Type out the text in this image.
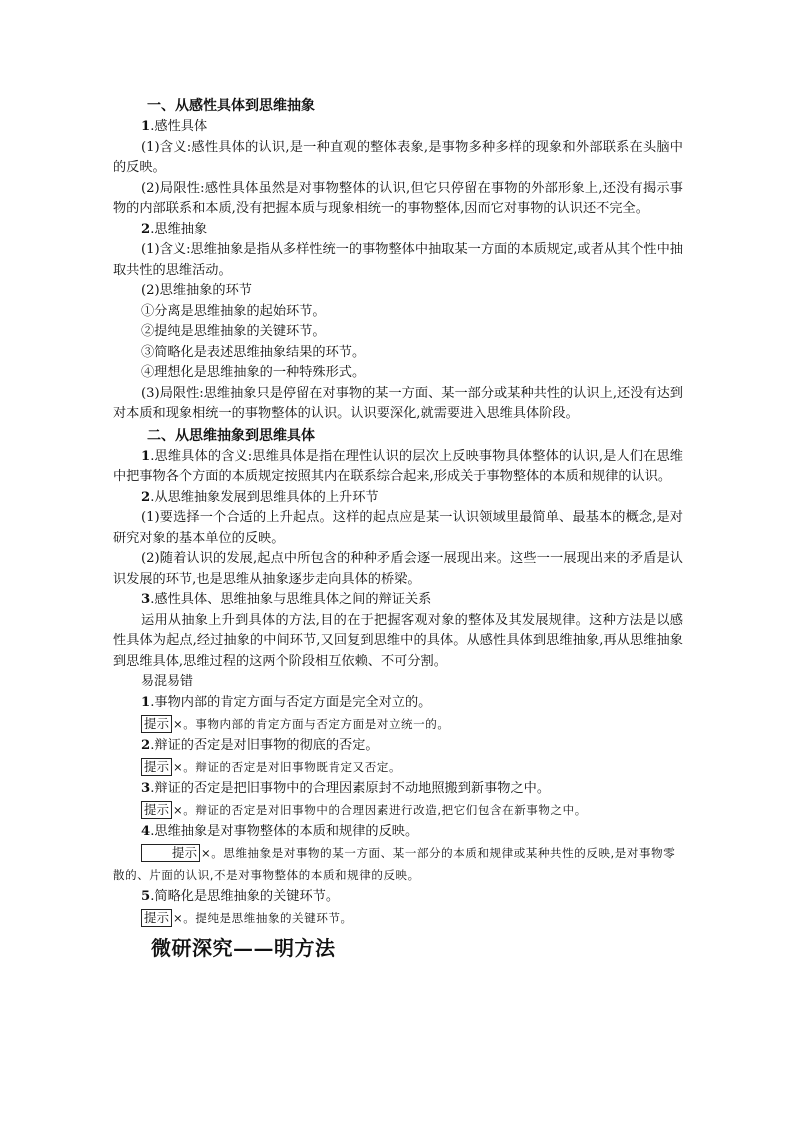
一、从感性具体到思维抽象

1.感性具体

(1)含义:感性具体的认识,是一种直观的整体表象,是事物多种多样的现象和外部联系在头脑中的反映。

(2)局限性:感性具体虽然是对事物整体的认识,但它只停留在事物的外部形象上,还没有揭示事物的内部联系和本质,没有把握本质与现象相统一的事物整体,因而它对事物的认识还不完全。

2.思维抽象

(1)含义:思维抽象是指从多样性统一的事物整体中抽取某一方面的本质规定,或者从其个性中抽取共性的思维活动。

(2)思维抽象的环节

①分离是思维抽象的起始环节。

②提纯是思维抽象的关键环节。

③简略化是表述思维抽象结果的环节。

④理想化是思维抽象的一种特殊形式。

(3)局限性:思维抽象只是停留在对事物的某一方面、某一部分或某种共性的认识上,还没有达到对本质和现象相统一的事物整体的认识。认识要深化,就需要进入思维具体阶段。

二、从思维抽象到思维具体

1.思维具体的含义:思维具体是指在理性认识的层次上反映事物具体整体的认识,是人们在思维中把事物各个方面的本质规定按照其内在联系综合起来,形成关于事物整体的本质和规律的认识。

2.从思维抽象发展到思维具体的上升环节

(1)要选择一个合适的上升起点。这样的起点应是某一认识领域里最简单、最基本的概念,是对研究对象的基本单位的反映。

(2)随着认识的发展,起点中所包含的种种矛盾会逐一展现出来。这些一一展现出来的矛盾是认识发展的环节,也是思维从抽象逐步走向具体的桥梁。

3.感性具体、思维抽象与思维具体之间的辩证关系

运用从抽象上升到具体的方法,目的在于把握客观对象的整体及其发展规律。这种方法是以感性具体为起点,经过抽象的中间环节,又回复到思维中的具体。从感性具体到思维抽象,再从思维抽象到思维具体,思维过程的这两个阶段相互依赖、不可分割。

易混易错

1.事物内部的肯定方面与否定方面是完全对立的。

提示 ×。事物内部的肯定方面与否定方面是对立统一的。

2.辩证的否定是对旧事物的彻底的否定。

提示 ×。辩证的否定是对旧事物既肯定又否定。

3.辩证的否定是把旧事物中的合理因素原封不动地照搬到新事物之中。

提示 ×。辩证的否定是对旧事物中的合理因素进行改造,把它们包含在新事物之中。

4.思维抽象是对事物整体的本质和规律的反映。

提示 ×。思维抽象是对事物的某一方面、某一部分的本质和规律或某种共性的反映,是对事物零散的、片面的认识,不是对事物整体的本质和规律的反映。

5.简略化是思维抽象的关键环节。

提示 ×。提纯是思维抽象的关键环节。

微研深究——明方法
